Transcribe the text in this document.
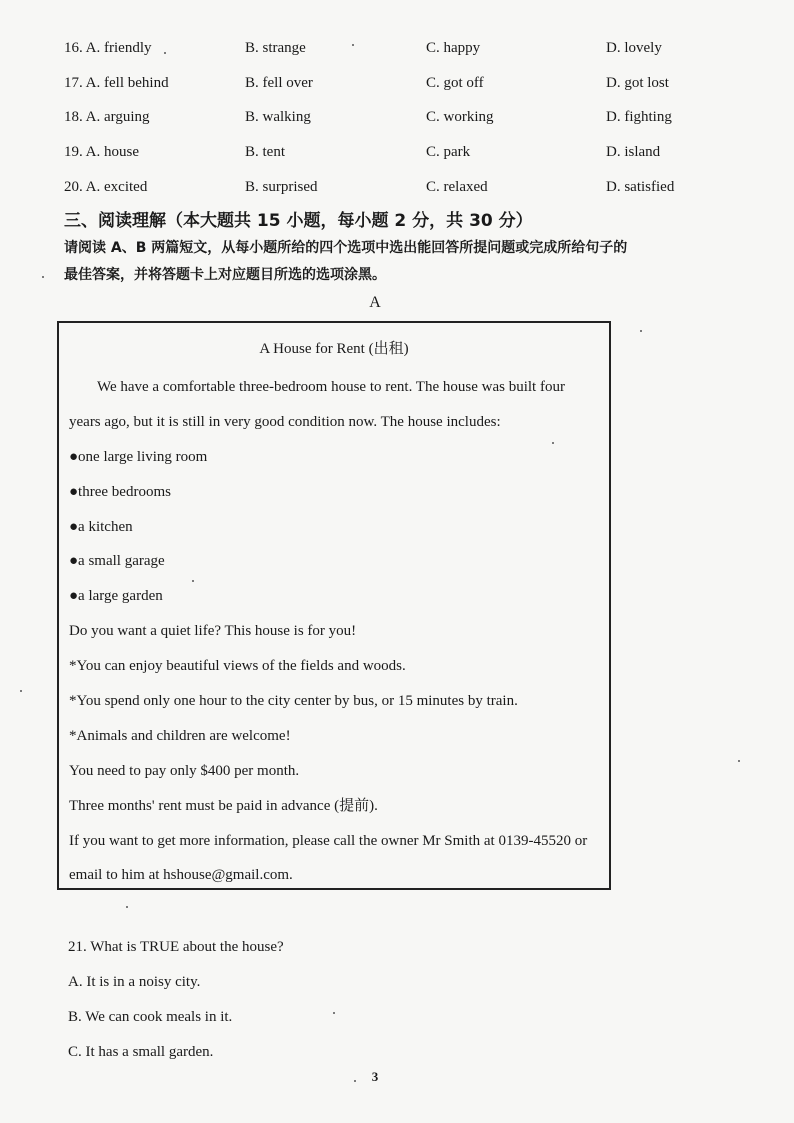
16. A. friendly	B. strange	C. happy	D. lovely
17. A. fell behind	B. fell over	C. got off	D. got lost
18. A. arguing	B. walking	C. working	D. fighting
19. A. house	B. tent	C. park	D. island
20. A. excited	B. surprised	C. relaxed	D. satisfied
三、阅读理解（本大题共 15 小题，每小题 2 分，共 30 分）
请阅读 A、B 两篇短文，从每小题所给的四个选项中选出能回答所提问题或完成所给句子的
最佳答案，并将答题卡上对应题目所选的选项涂黑。
A
A House for Rent (出租)
We have a comfortable three-bedroom house to rent. The house was built four
years ago, but it is still in very good condition now. The house includes:
●one large living room
●three bedrooms
●a kitchen
●a small garage
●a large garden
Do you want a quiet life? This house is for you!
*You can enjoy beautiful views of the fields and woods.
*You spend only one hour to the city center by bus, or 15 minutes by train.
*Animals and children are welcome!
You need to pay only $400 per month.
Three months' rent must be paid in advance (提前).
If you want to get more information, please call the owner Mr Smith at 0139-45520 or
email to him at hshouse@gmail.com.
21. What is TRUE about the house?
A. It is in a noisy city.
B. We can cook meals in it.
C. It has a small garden.
3
